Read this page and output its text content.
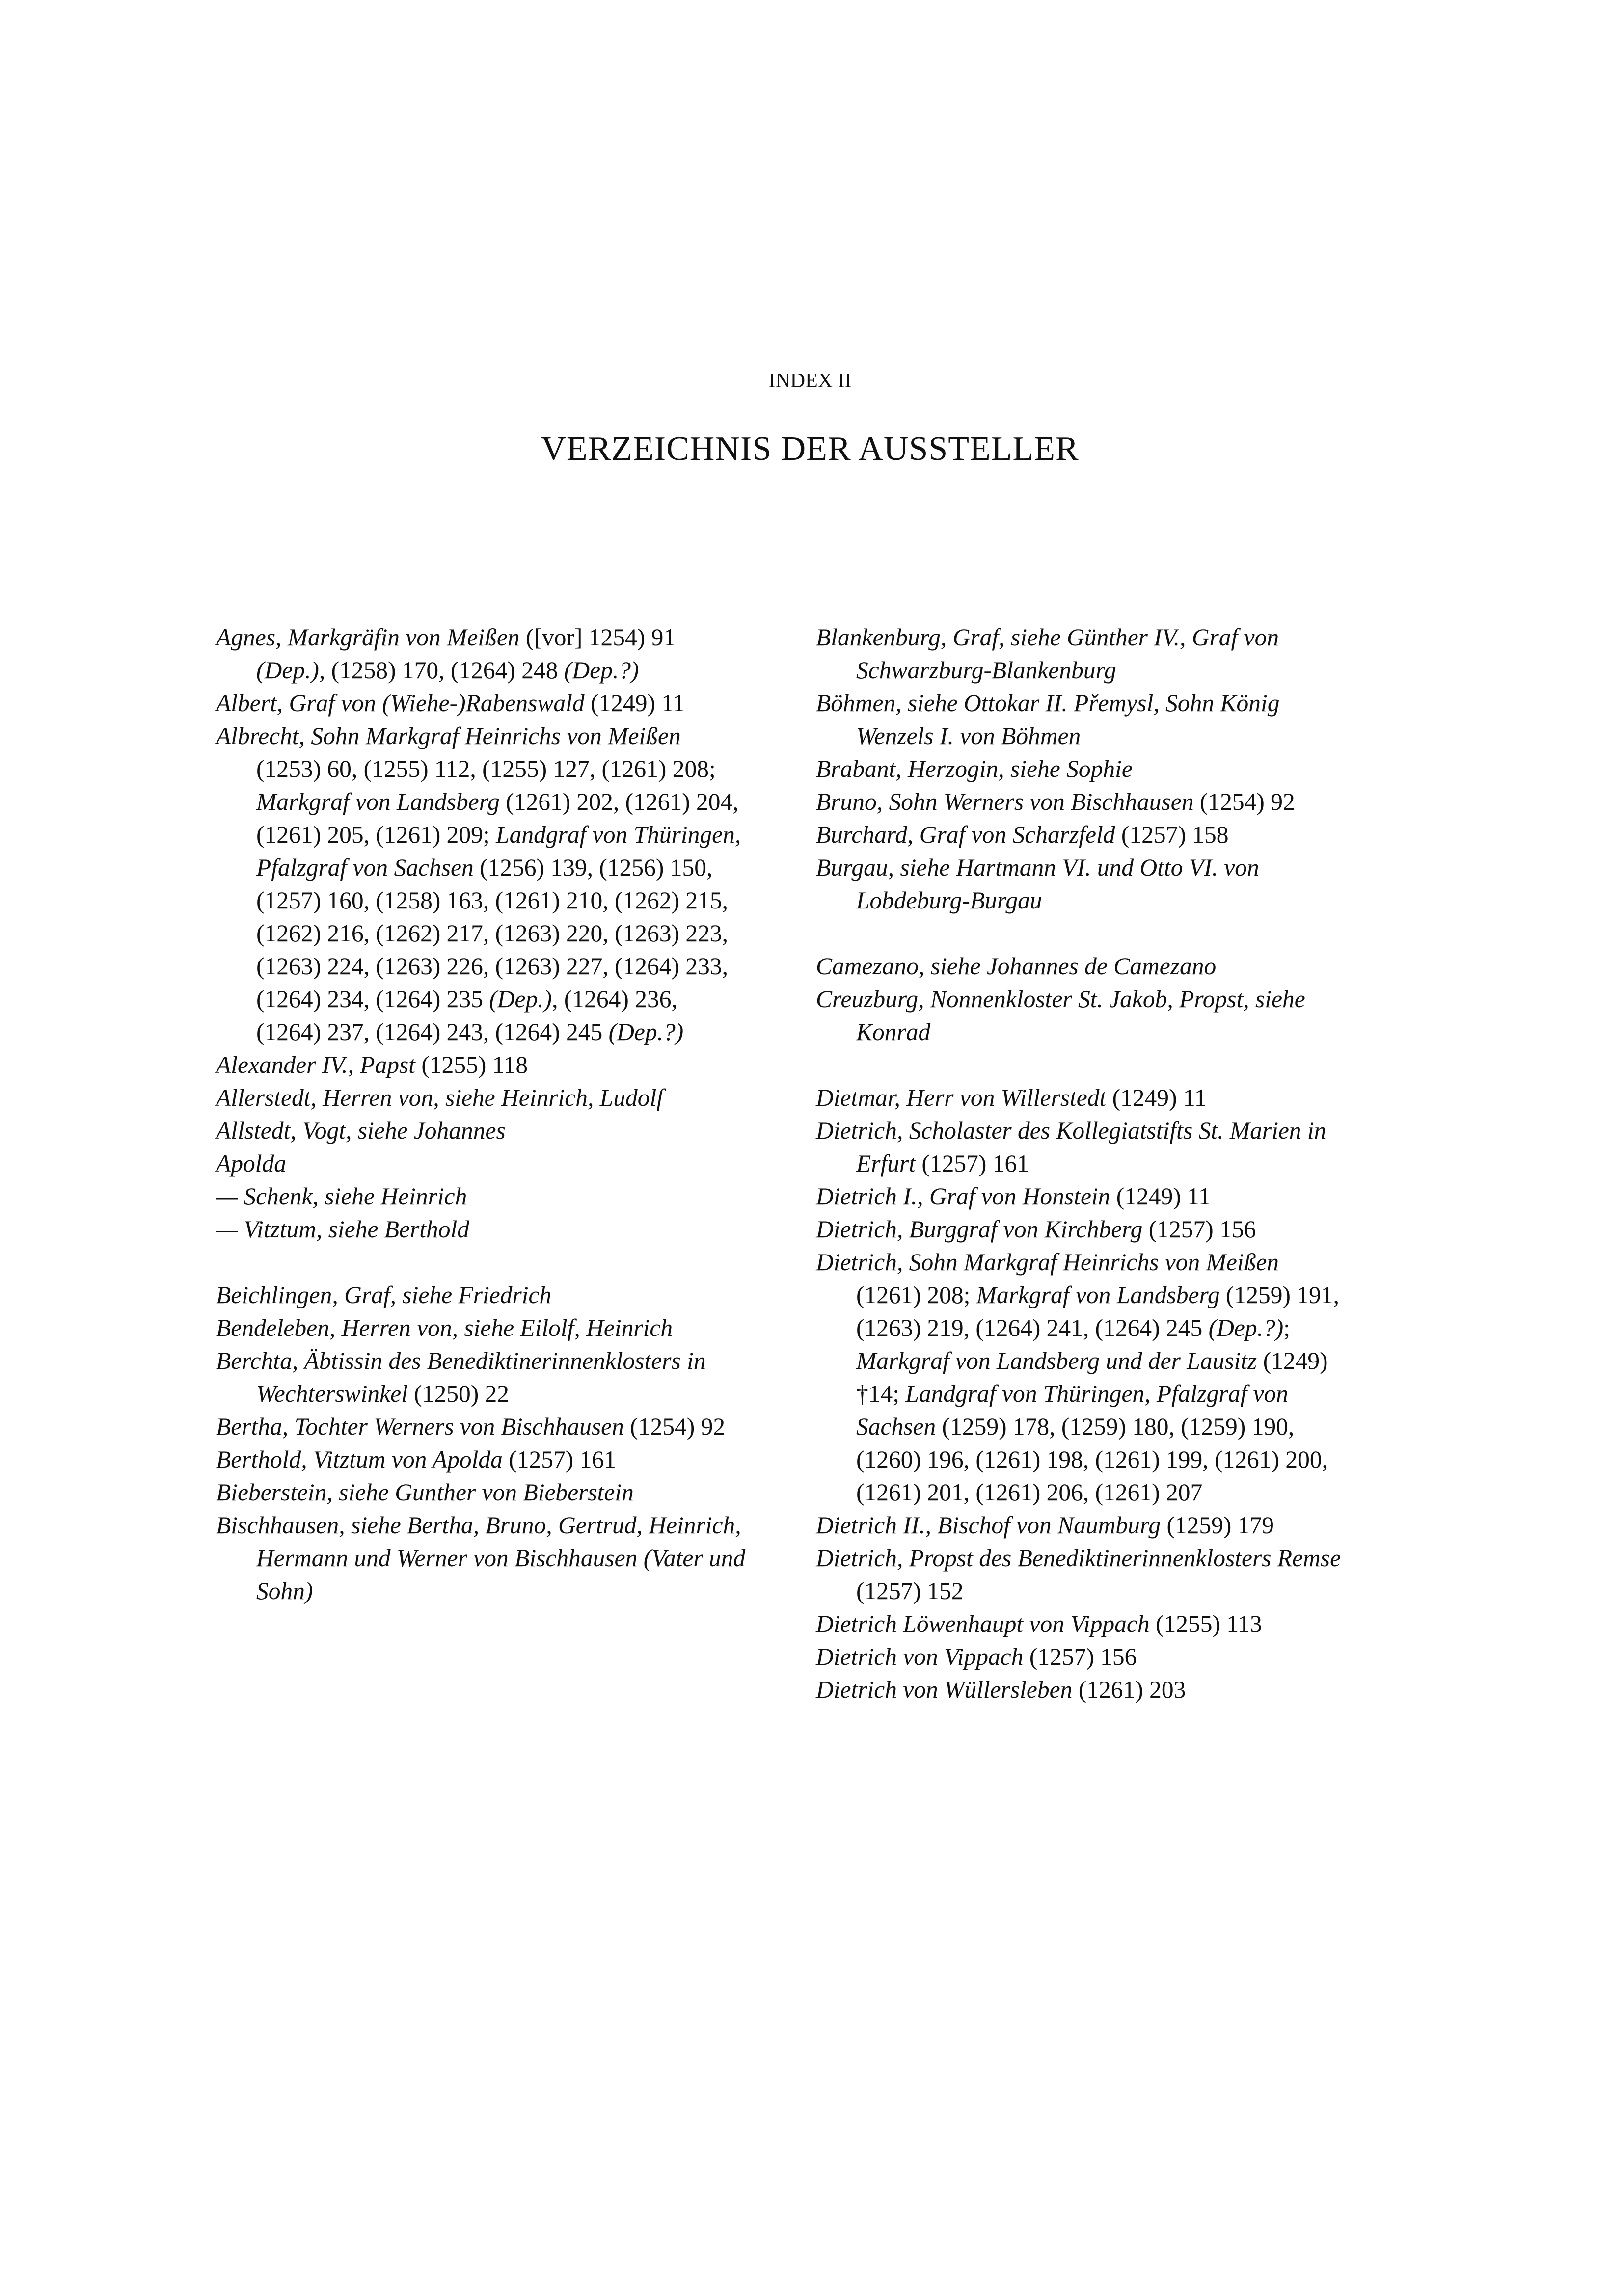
INDEX II
VERZEICHNIS DER AUSSTELLER
Agnes, Markgräfin von Meißen ([vor] 1254) 91 (Dep.), (1258) 170, (1264) 248 (Dep.?)
Albert, Graf von (Wiehe-)Rabenswald (1249) 11
Albrecht, Sohn Markgraf Heinrichs von Meißen (1253) 60, (1255) 112, (1255) 127, (1261) 208; Markgraf von Landsberg (1261) 202, (1261) 204, (1261) 205, (1261) 209; Landgraf von Thüringen, Pfalzgraf von Sachsen (1256) 139, (1256) 150, (1257) 160, (1258) 163, (1261) 210, (1262) 215, (1262) 216, (1262) 217, (1263) 220, (1263) 223, (1263) 224, (1263) 226, (1263) 227, (1264) 233, (1264) 234, (1264) 235 (Dep.), (1264) 236, (1264) 237, (1264) 243, (1264) 245 (Dep.?)
Alexander IV., Papst (1255) 118
Allerstedt, Herren von, siehe Heinrich, Ludolf
Allstedt, Vogt, siehe Johannes
Apolda
— Schenk, siehe Heinrich
— Vitztum, siehe Berthold
Beichlingen, Graf, siehe Friedrich
Bendeleben, Herren von, siehe Eilolf, Heinrich
Berchta, Äbtissin des Benediktinerinnenklosters in Wechterswinkel (1250) 22
Bertha, Tochter Werners von Bischhausen (1254) 92
Berthold, Vitztum von Apolda (1257) 161
Bieberstein, siehe Gunther von Bieberstein
Bischhausen, siehe Bertha, Bruno, Gertrud, Heinrich, Hermann und Werner von Bischhausen (Vater und Sohn)
Blankenburg, Graf, siehe Günther IV., Graf von Schwarzburg-Blankenburg
Böhmen, siehe Ottokar II. Přemysl, Sohn König Wenzels I. von Böhmen
Brabant, Herzogin, siehe Sophie
Bruno, Sohn Werners von Bischhausen (1254) 92
Burchard, Graf von Scharzfeld (1257) 158
Burgau, siehe Hartmann VI. und Otto VI. von Lobdeburg-Burgau
Camezano, siehe Johannes de Camezano
Creuzburg, Nonnenkloster St. Jakob, Propst, siehe Konrad
Dietmar, Herr von Willerstedt (1249) 11
Dietrich, Scholaster des Kollegiatstifts St. Marien in Erfurt (1257) 161
Dietrich I., Graf von Honstein (1249) 11
Dietrich, Burggraf von Kirchberg (1257) 156
Dietrich, Sohn Markgraf Heinrichs von Meißen (1261) 208; Markgraf von Landsberg (1259) 191, (1263) 219, (1264) 241, (1264) 245 (Dep.?); Markgraf von Landsberg und der Lausitz (1249) †14; Landgraf von Thüringen, Pfalzgraf von Sachsen (1259) 178, (1259) 180, (1259) 190, (1260) 196, (1261) 198, (1261) 199, (1261) 200, (1261) 201, (1261) 206, (1261) 207
Dietrich II., Bischof von Naumburg (1259) 179
Dietrich, Propst des Benediktinerinnenklosters Remse (1257) 152
Dietrich Löwenhaupt von Vippach (1255) 113
Dietrich von Vippach (1257) 156
Dietrich von Wüllersleben (1261) 203
